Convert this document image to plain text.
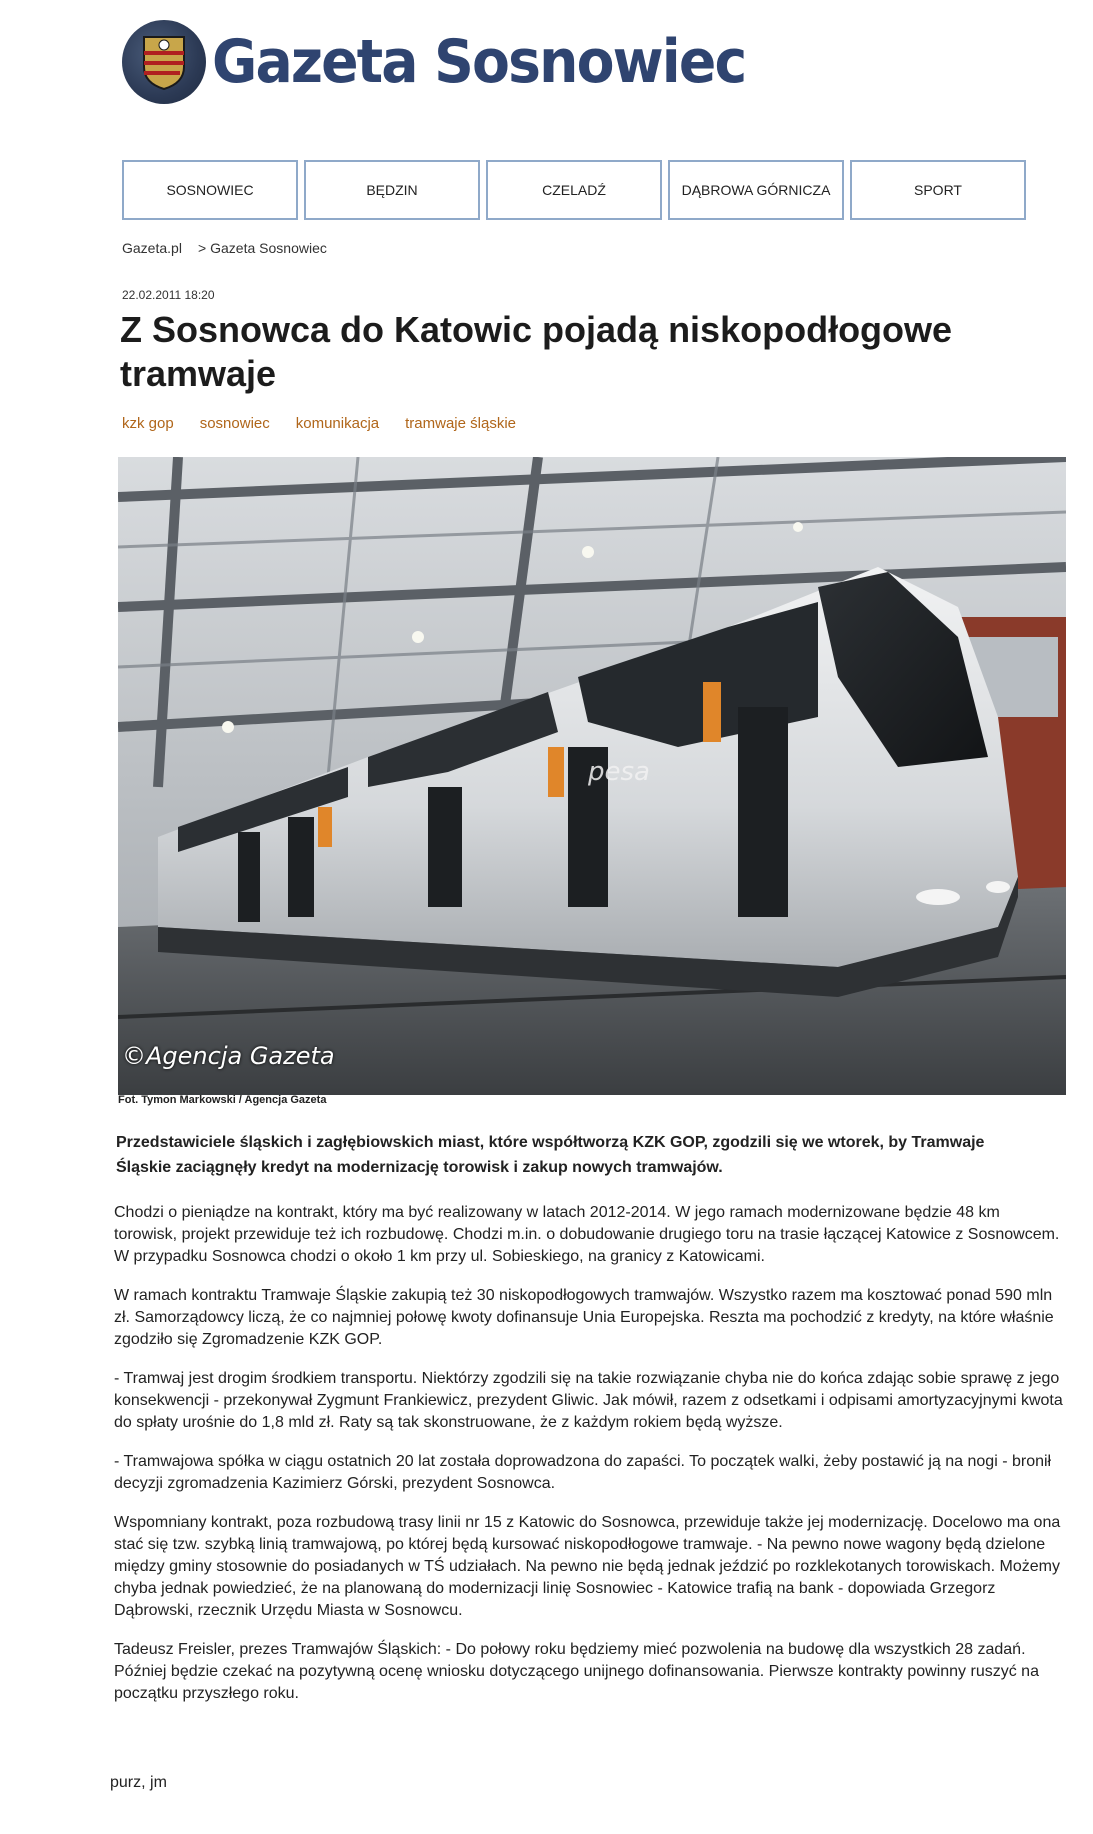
Gazeta Sosnowiec
SOSNOWIEC	BĘDZIN	CZELADŹ	DĄBROWA GÓRNICZA	SPORT
Gazeta.pl > Gazeta Sosnowiec
22.02.2011 18:20
Z Sosnowca do Katowic pojadą niskopodłogowe tramwaje
kzk gop sosnowiec komunikacja tramwaje śląskie
pesa
©Agencja Gazeta
Fot. Tymon Markowski / Agencja Gazeta

Przedstawiciele śląskich i zagłębiowskich miast, które współtworzą KZK GOP, zgodzili się we wtorek, by Tramwaje Śląskie zaciągnęły kredyt na modernizację torowisk i zakup nowych tramwajów.

Chodzi o pieniądze na kontrakt, który ma być realizowany w latach 2012-2014. W jego ramach modernizowane będzie 48 km torowisk, projekt przewiduje też ich rozbudowę. Chodzi m.in. o dobudowanie drugiego toru na trasie łączącej Katowice z Sosnowcem. W przypadku Sosnowca chodzi o około 1 km przy ul. Sobieskiego, na granicy z Katowicami.

W ramach kontraktu Tramwaje Śląskie zakupią też 30 niskopodłogowych tramwajów. Wszystko razem ma kosztować ponad 590 mln zł. Samorządowcy liczą, że co najmniej połowę kwoty dofinansuje Unia Europejska. Reszta ma pochodzić z kredyty, na które właśnie zgodziło się Zgromadzenie KZK GOP.

- Tramwaj jest drogim środkiem transportu. Niektórzy zgodzili się na takie rozwiązanie chyba nie do końca zdając sobie sprawę z jego konsekwencji - przekonywał Zygmunt Frankiewicz, prezydent Gliwic. Jak mówił, razem z odsetkami i odpisami amortyzacyjnymi kwota do spłaty urośnie do 1,8 mld zł. Raty są tak skonstruowane, że z każdym rokiem będą wyższe.

- Tramwajowa spółka w ciągu ostatnich 20 lat została doprowadzona do zapaści. To początek walki, żeby postawić ją na nogi - bronił decyzji zgromadzenia Kazimierz Górski, prezydent Sosnowca.

Wspomniany kontrakt, poza rozbudową trasy linii nr 15 z Katowic do Sosnowca, przewiduje także jej modernizację. Docelowo ma ona stać się tzw. szybką linią tramwajową, po której będą kursować niskopodłogowe tramwaje. - Na pewno nowe wagony będą dzielone między gminy stosownie do posiadanych w TŚ udziałach. Na pewno nie będą jednak jeździć po rozklekotanych torowiskach. Możemy chyba jednak powiedzieć, że na planowaną do modernizacji linię Sosnowiec - Katowice trafią na bank - dopowiada Grzegorz Dąbrowski, rzecznik Urzędu Miasta w Sosnowcu.

Tadeusz Freisler, prezes Tramwajów Śląskich: - Do połowy roku będziemy mieć pozwolenia na budowę dla wszystkich 28 zadań. Później będzie czekać na pozytywną ocenę wniosku dotyczącego unijnego dofinansowania. Pierwsze kontrakty powinny ruszyć na początku przyszłego roku.

purz, jm
